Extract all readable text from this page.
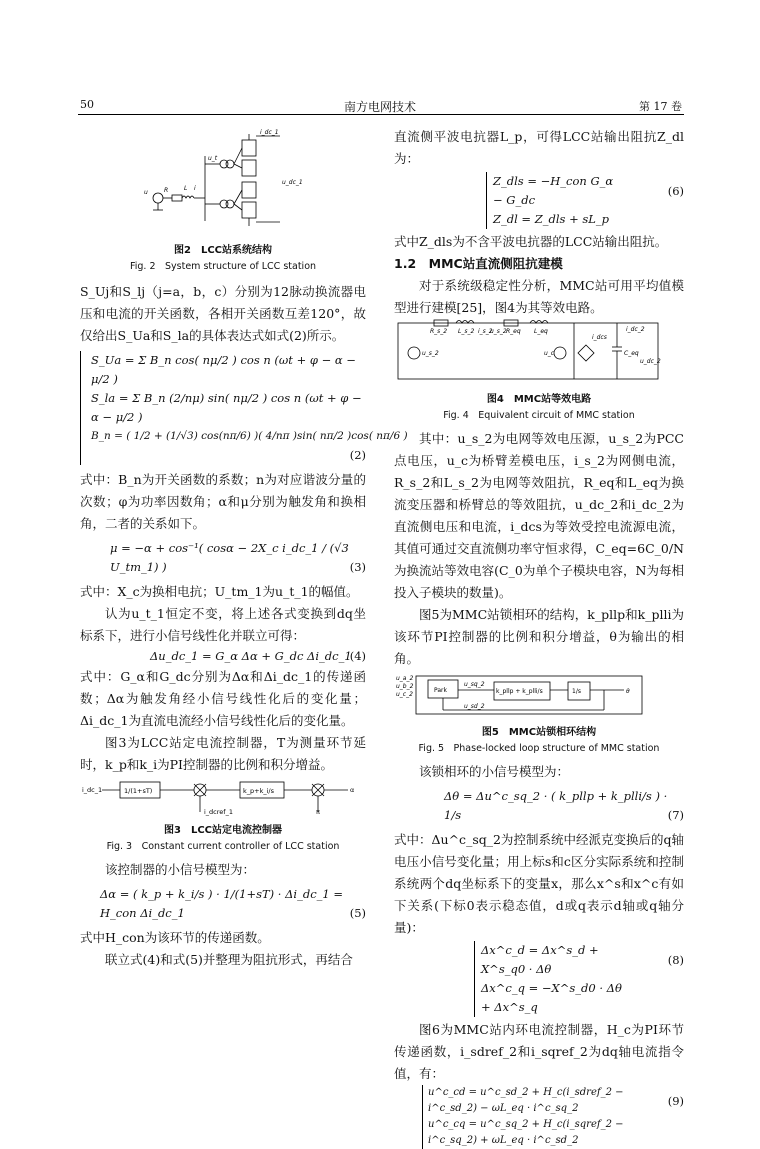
50	南方电网技术	第 17 卷
R	L
u
i
u_t
u_dc_1
i_dc_1
图2　LCC站系统结构
Fig. 2　System structure of LCC station

S_Uj和S_lj（j=a，b，c）分别为12脉动换流器电压和电流的开关函数，各相开关函数互差120°，故仅给出S_Ua和S_la的具体表达式如式(2)所示。

S_Ua = Σ B_n cos( nμ/2 ) cos n (ωt + φ − α − μ/2 )
S_la = Σ B_n (2/nμ) sin( nμ/2 ) cos n (ωt + φ − α − μ/2 )
B_n = ( 1/2 + (1/√3) cos(nπ/6) )( 4/nπ )sin( nπ/2 )cos( nπ/6 )
(2)

式中：B_n为开关函数的系数；n为对应谐波分量的次数；φ为功率因数角；α和μ分别为触发角和换相角，二者的关系如下。

μ = −α + cos⁻¹( cosα − 2X_c i_dc_1 / (√3 U_tm_1) )	(3)

式中：X_c为换相电抗；U_tm_1为u_t_1的幅值。

认为u_t_1恒定不变，将上述各式变换到dq坐标系下，进行小信号线性化并联立可得：

Δu_dc_1 = G_α Δα + G_dc Δi_dc_1
(4)

式中：G_α和G_dc分别为Δα和Δi_dc_1的传递函数；Δα为触发角经小信号线性化后的变化量；Δi_dc_1为直流电流经小信号线性化后的变化量。

图3为LCC站定电流控制器，T为测量环节延时，k_p和k_i为PI控制器的比例和积分增益。

i_dc_1	1/(1+sT)	k_p+k_i/s
i_dcref_1	π
α
图3　LCC站定电流控制器
Fig. 3　Constant current controller of LCC station

该控制器的小信号模型为：

Δα = ( k_p + k_i/s ) · 1/(1+sT) · Δi_dc_1 = H_con Δi_dc_1	(5)

式中H_con为该环节的传递函数。

联立式(4)和式(5)并整理为阻抗形式，再结合

直流侧平波电抗器L_p，可得LCC站输出阻抗Z_dl为：

Z_dls = −H_con G_α − G_dc
Z_dl = Z_dls + sL_p
(6)

式中Z_dls为不含平波电抗器的LCC站输出阻抗。

1.2　MMC站直流侧阻抗建模

对于系统级稳定性分析，MMC站可用平均值模型进行建模[25]，图4为其等效电路。

R_s_2 L_s_2 i_s_2
u_s_2 R_eq L_eq	i_dc_2
i_dcs
u_s_2	u_c	C_eq
u_dc_2
图4　MMC站等效电路
Fig. 4　Equivalent circuit of MMC station

其中：u_s_2为电网等效电压源，u_s_2为PCC点电压，u_c为桥臂差模电压，i_s_2为网侧电流，R_s_2和L_s_2为电网等效阻抗，R_eq和L_eq为换流变压器和桥臂总的等效阻抗，u_dc_2和i_dc_2为直流侧电压和电流，i_dcs为等效受控电流源电流，其值可通过交直流侧功率守恒求得，C_eq=6C_0/N为换流站等效电容(C_0为单个子模块电容，N为每相投入子模块的数量)。

图5为MMC站锁相环的结构，k_pllp和k_plli为该环节PI控制器的比例和积分增益，θ为输出的相角。

u_a_2
u_b_2
u_c_2
Park
u_sq_2
k_pllp + k_plli/s	1/s	θ
u_sd_2
图5　MMC站锁相环结构
Fig. 5　Phase-locked loop structure of MMC station

该锁相环的小信号模型为：

Δθ = Δu^c_sq_2 · ( k_pllp + k_plli/s ) · 1/s	(7)

式中：Δu^c_sq_2为控制系统中经派克变换后的q轴电压小信号变化量；用上标s和c区分实际系统和控制系统两个dq坐标系下的变量x，那么x^s和x^c有如下关系(下标0表示稳态值，d或q表示d轴或q轴分量)：

Δx^c_d = Δx^s_d + X^s_q0 · Δθ
Δx^c_q = −X^s_d0 · Δθ + Δx^s_q
(8)

图6为MMC站内环电流控制器，H_c为PI环节传递函数，i_sdref_2和i_sqref_2为dq轴电流指令值，有：

u^c_cd = u^c_sd_2 + H_c(i_sdref_2 − i^c_sd_2) − ωL_eq · i^c_sq_2
u^c_cq = u^c_sq_2 + H_c(i_sqref_2 − i^c_sq_2) + ωL_eq · i^c_sd_2
(9)
